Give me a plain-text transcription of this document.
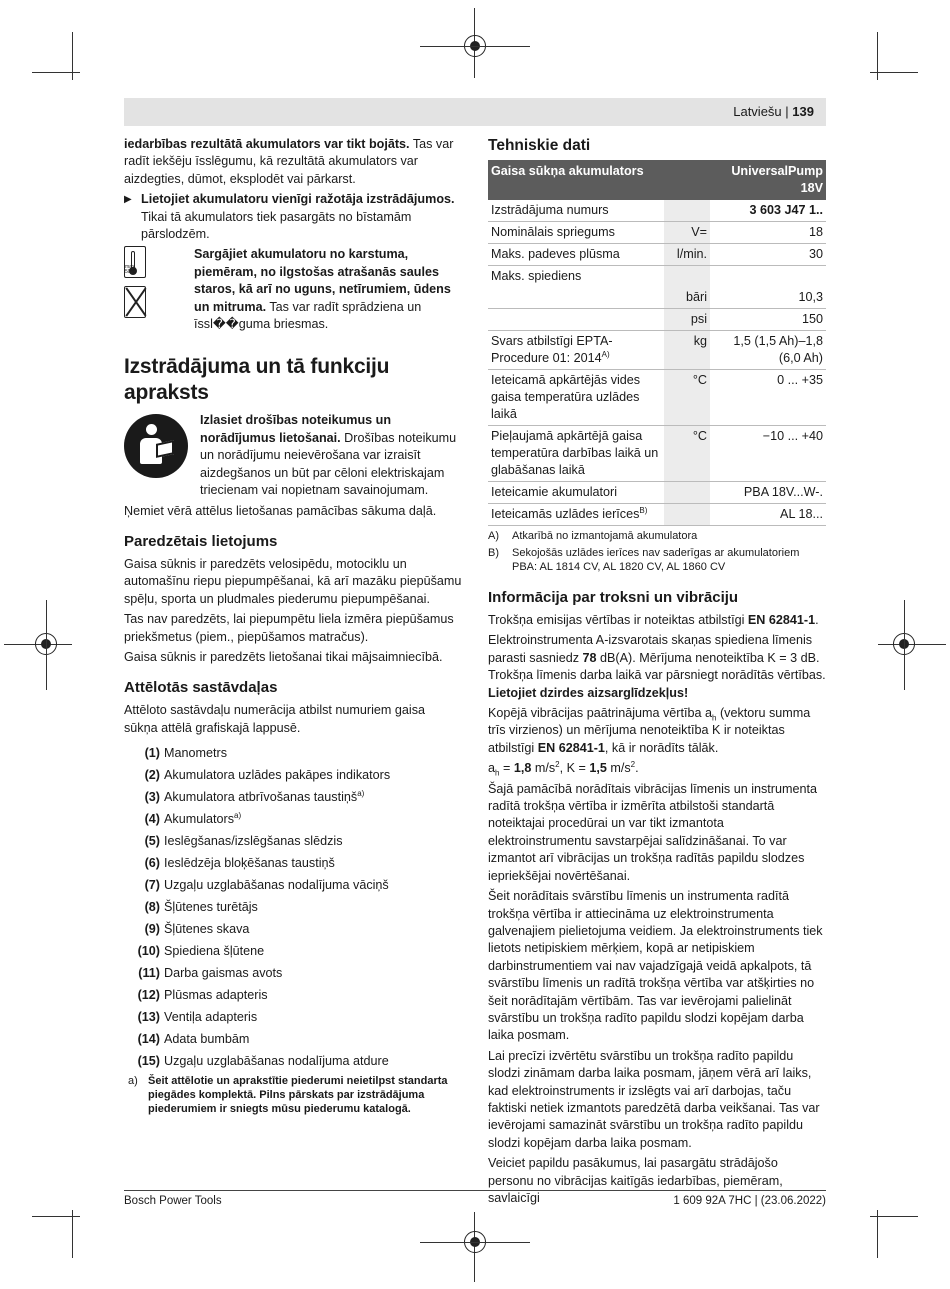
Latviešu | 139

iedarbības rezultātā akumulators var tikt bojāts. Tas var radīt iekšēju īsslēgumu, kā rezultātā akumulators var aizdegties, dūmot, eksplodēt vai pārkarst.

▶ Lietojiet akumulatoru vienīgi ražotāja izstrādājumos. Tikai tā akumulators tiek pasargāts no bīstamām pārslodzēm.
max. 50°C

Sargājiet akumulatoru no karstuma, piemēram, no ilgstošas atrašanās saules staros, kā arī no uguns, netīrumiem, ūdens un mitruma. Tas var radīt sprādziena un īssl��guma briesmas.

Izstrādājuma un tā funkciju apraksts

Izlasiet drošības noteikumus un norādījumus lietošanai. Drošības noteikumu un norādījumu neievērošana var izraisīt aizdegšanos un būt par cēloni elektriskajam triecienam vai nopietnam savainojumam.

Ņemiet vērā attēlus lietošanas pamācības sākuma daļā.

Paredzētais lietojums

Gaisa sūknis ir paredzēts velosipēdu, motociklu un automašīnu riepu piepumpēšanai, kā arī mazāku piepūšamu spēļu, sporta un pludmales piederumu piepumpēšanai.

Tas nav paredzēts, lai piepumpētu liela izmēra piepūšamus priekšmetus (piem., piepūšamos matračus).

Gaisa sūknis ir paredzēts lietošanai tikai mājsaimniecībā.

Attēlotās sastāvdaļas

Attēloto sastāvdaļu numerācija atbilst numuriem gaisa sūkņa attēlā grafiskajā lappusē.

(1) Manometrs
(2) Akumulatora uzlādes pakāpes indikators
(3) Akumulatora atbrīvošanas taustiņš$^{a)}$
(4) Akumulators$^{a)}$
(5) Ieslēgšanas/izslēgšanas slēdzis
(6) Ieslēdzēja bloķēšanas taustiņš
(7) Uzgaļu uzglabāšanas nodalījuma vāciņš
(8) Šļūtenes turētājs
(9) Šļūtenes skava
(10) Spiediena šļūtene
(11) Darba gaismas avots
(12) Plūsmas adapteris
(13) Ventiļa adapteris
(14) Adata bumbām
(15) Uzgaļu uzglabāšanas nodalījuma atdure
a) Šeit attēlotie un aprakstītie piederumi neietilpst standarta piegādes komplektā. Pilns pārskats par izstrādājuma piederumiem ir sniegts mūsu piederumu katalogā.
Tehniskie dati
Gaisa sūkņa akumulators		UniversalPump 18V
Izstrādājuma numurs		3 603 J47 1..
Nominālais spriegums	V=	18
Maks. padeves plūsma	l/min.	30
Maks. spiediens		
	bāri	10,3
	psi	150
Svars atbilstīgi EPTA-Procedure 01: $2014^{A)}$	kg	1,5 (1,5 Ah)–1,8 (6,0 Ah)
Ieteicamā apkārtējās vides gaisa temperatūra uzlādes laikā	°C	0 ... +35
Pieļaujamā apkārtējā gaisa temperatūra darbības laikā un glabāšanas laikā	°C	−10 ... +40
Ieteicamie akumulatori		PBA 18V...W-.
Ieteicamās uzlādes ierīces$^{B)}$		AL 18...
A)	Atkarībā no izmantojamā akumulatora
B)	Sekojošās uzlādes ierīces nav saderīgas ar akumulatoriem PBA: AL 1814 CV, AL 1820 CV, AL 1860 CV
Informācija par troksni un vibrāciju

Trokšņa emisijas vērtības ir noteiktas atbilstīgi EN 62841-1.

Elektroinstrumenta A-izsvarotais skaņas spiediena līmenis parasti sasniedz 78 dB(A). Mērījuma nenoteiktība K = 3 dB. Trokšņa līmenis darba laikā var pārsniegt norādītās vērtības. Lietojiet dzirdes aizsarglīdzekļus!

Kopējā vibrācijas paātrinājuma vērtība $a_h$ (vektoru summa trīs virzienos) un mērījuma nenoteiktība K ir noteiktas atbilstīgi EN 62841-1, kā ir norādīts tālāk.

$a_h = 1,8$ $m/s^2$, K = 1,5 $m/s^2$.

Šajā pamācībā norādītais vibrācijas līmenis un instrumenta radītā trokšņa vērtība ir izmērīta atbilstoši standartā noteiktajai procedūrai un var tikt izmantota elektroinstrumentu savstarpējai salīdzināšanai. To var izmantot arī vibrācijas un trokšņa radītās papildu slodzes iepriekšējai novērtēšanai.

Šeit norādītais svārstību līmenis un instrumenta radītā trokšņa vērtība ir attiecināma uz elektroinstrumenta galvenajiem pielietojuma veidiem. Ja elektroinstruments tiek lietots netipiskiem mērķiem, kopā ar netipiskiem darbinstrumentiem vai nav vajadzīgajā veidā apkalpots, tā svārstību līmenis un radītā trokšņa vērtība var atšķirties no šeit norādītajām vērtībām. Tas var ievērojami palielināt svārstību un trokšņa radīto papildu slodzi kopējam darba laika posmam.

Lai precīzi izvērtētu svārstību un trokšņa radīto papildu slodzi zināmam darba laika posmam, jāņem vērā arī laiks, kad elektroinstruments ir izslēgts vai arī darbojas, taču faktiski netiek izmantots paredzētā darba veikšanai. Tas var ievērojami samazināt svārstību un trokšņa radīto papildu slodzi kopējam darba laika posmam.

Veiciet papildu pasākumus, lai pasargātu strādājošo personu no vibrācijas kaitīgās iedarbības, piemēram, savlaicīgi

Bosch Power Tools	1 609 92A 7HC | (23.06.2022)
